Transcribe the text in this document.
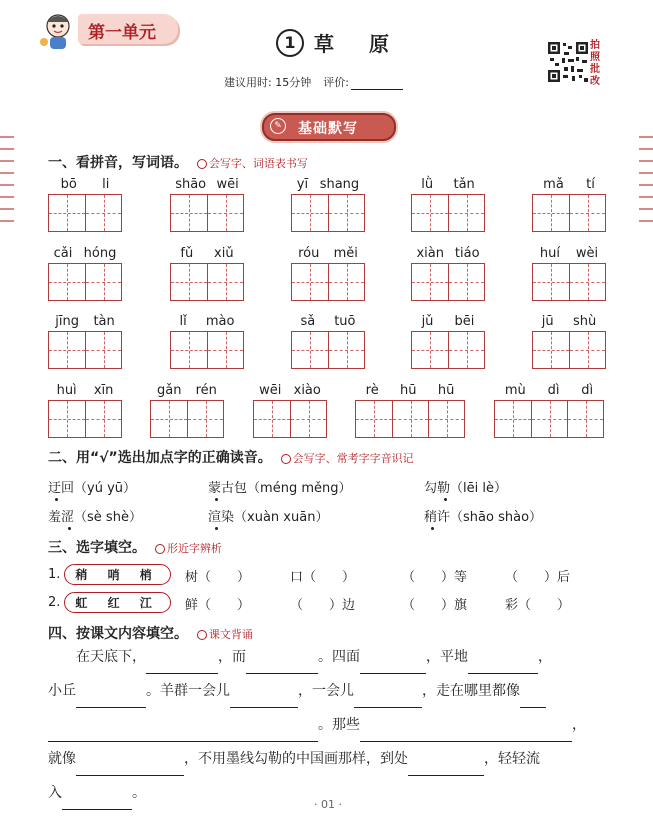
第一单元	1 草 原	拍照批改
建议用时: 15分钟 评价:
✎	基础默写
一、看拼音，写词语。 会写字、词语表书写
bō li	shāo wēi	yī shang	lǜ tǎn	mǎ tí
cǎi hóng	fǔ xiǔ	róu měi	xiàn tiáo	huí wèi
jīng tàn	lǐ mào	sǎ tuō	jǔ bēi	jū shù
huì xīn	gǎn rén	wēi xiào	rè hū hū	mù dì dì
二、用“√”选出加点字的正确读音。 会写字、常考字字音识记
迂回（yú yū）	蒙古包（méng měng）	勾勒（lēi lè）
羞涩（sè shè）	渲染（xuàn xuān）	稍许（shāo shào）
三、选字填空。 形近字辨析
1.	稍 哨 梢	树（　　）	口（　　）	（　　）等	（　　）后
2.	虹 红 江	鲜（　　）	（　　）边	（　　）旗	彩（　　）
四、按课文内容填空。 课文背诵
在天底下，	，而	。四面	，平地	，
小丘	。羊群一会儿	，一会儿	，走在哪里都像
。那些	，
就像	，不用墨线勾勒的中国画那样，到处	，轻轻流
入	。
· 01 ·
